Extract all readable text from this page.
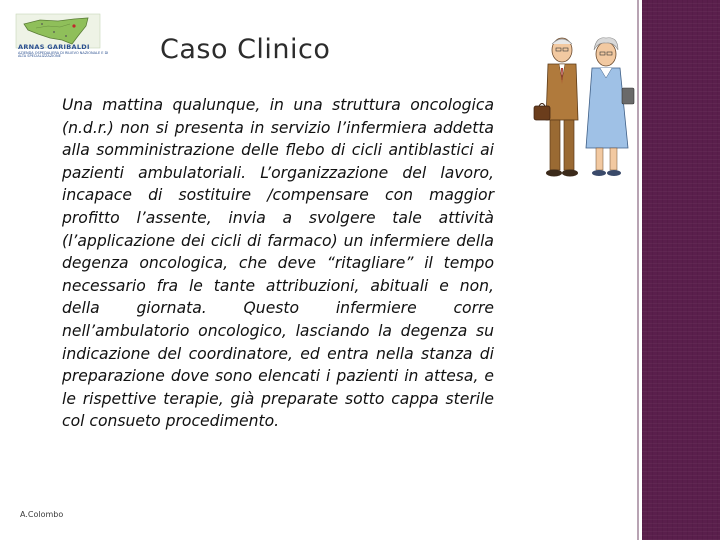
ARNAS GARIBALDI
AZIENDA OSPEDALIERA DI RILIEVO NAZIONALE E DI ALTA SPECIALIZZAZIONE	Caso Clinico

Una mattina qualunque, in una struttura oncologica (n.d.r.) non si presenta in servizio l’infermiera addetta alla somministrazione delle flebo di cicli antiblastici ai pazienti ambulatoriali. L’organizzazione del lavoro, incapace di sostituire /compensare con maggior profitto l’assente, invia a svolgere tale attività (l’applicazione dei cicli di farmaco) un infermiere della degenza oncologica, che deve “ritagliare” il tempo necessario fra le tante attribuzioni, abituali e non, della giornata. Questo infermiere corre nell’ambulatorio oncologico, lasciando la degenza su indicazione del coordinatore, ed entra nella stanza di preparazione dove sono elencati i pazienti in attesa, e le rispettive terapie, già preparate sotto cappa sterile col consueto procedimento.

A.Colombo
